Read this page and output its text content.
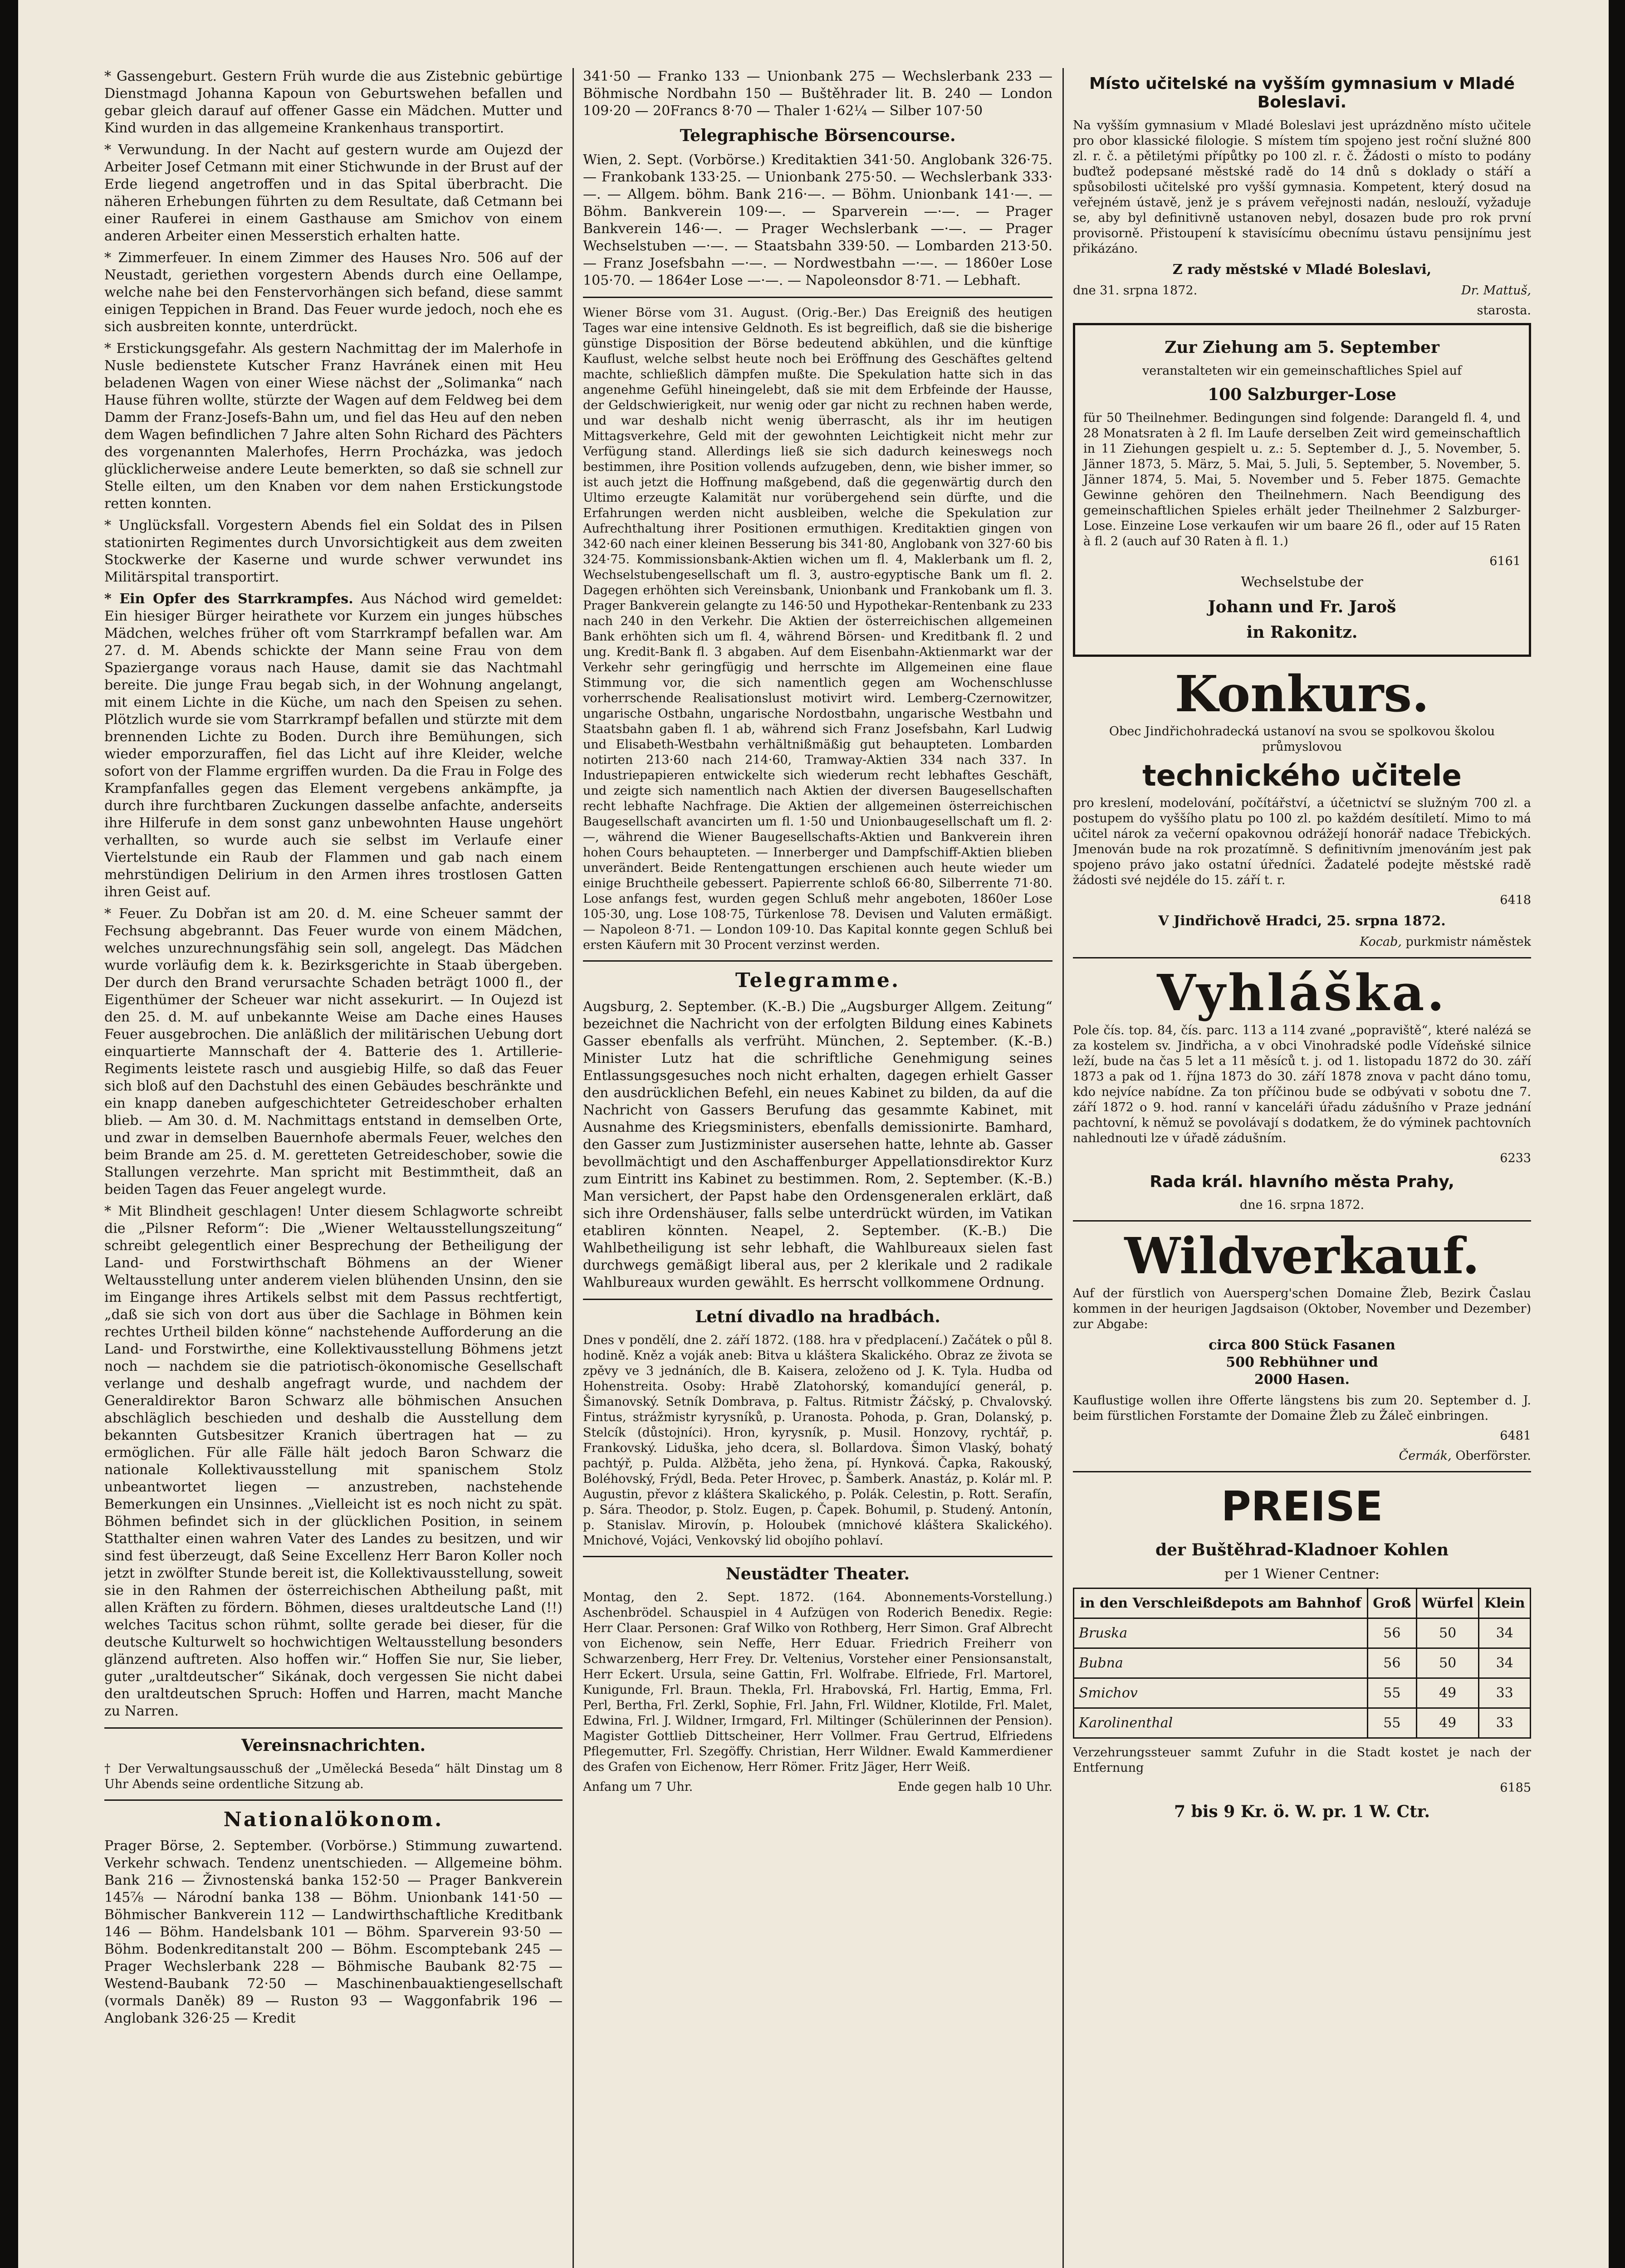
* Gassengeburt. Gestern Früh wurde die aus Zistebnic gebürtige Dienstmagd Johanna Kapoun von Geburtswehen befallen und gebar gleich darauf auf offener Gasse ein Mädchen. Mutter und Kind wurden in das allgemeine Krankenhaus transportirt.

* Verwundung. In der Nacht auf gestern wurde am Oujezd der Arbeiter Josef Cetmann mit einer Stichwunde in der Brust auf der Erde liegend angetroffen und in das Spital überbracht. Die näheren Erhebungen führten zu dem Resultate, daß Cetmann bei einer Rauferei in einem Gasthause am Smichov von einem anderen Arbeiter einen Messerstich erhalten hatte.

* Zimmerfeuer. In einem Zimmer des Hauses Nro. 506 auf der Neustadt, geriethen vorgestern Abends durch eine Oellampe, welche nahe bei den Fenstervorhängen sich befand, diese sammt einigen Teppichen in Brand. Das Feuer wurde jedoch, noch ehe es sich ausbreiten konnte, unterdrückt.

* Erstickungsgefahr. Als gestern Nachmittag der im Malerhofe in Nusle bedienstete Kutscher Franz Havránek einen mit Heu beladenen Wagen von einer Wiese nächst der „Solimanka“ nach Hause führen wollte, stürzte der Wagen auf dem Feldweg bei dem Damm der Franz-Josefs-Bahn um, und fiel das Heu auf den neben dem Wagen befindlichen 7 Jahre alten Sohn Richard des Pächters des vorgenannten Malerhofes, Herrn Procházka, was jedoch glücklicherweise andere Leute bemerkten, so daß sie schnell zur Stelle eilten, um den Knaben vor dem nahen Erstickungstode retten konnten.

* Unglücksfall. Vorgestern Abends fiel ein Soldat des in Pilsen stationirten Regimentes durch Unvorsichtigkeit aus dem zweiten Stockwerke der Kaserne und wurde schwer verwundet ins Militärspital transportirt.

* Ein Opfer des Starrkrampfes. Aus Náchod wird gemeldet: Ein hiesiger Bürger heirathete vor Kurzem ein junges hübsches Mädchen, welches früher oft vom Starrkrampf befallen war. Am 27. d. M. Abends schickte der Mann seine Frau von dem Spaziergange voraus nach Hause, damit sie das Nachtmahl bereite. Die junge Frau begab sich, in der Wohnung angelangt, mit einem Lichte in die Küche, um nach den Speisen zu sehen. Plötzlich wurde sie vom Starrkrampf befallen und stürzte mit dem brennenden Lichte zu Boden. Durch ihre Bemühungen, sich wieder emporzuraffen, fiel das Licht auf ihre Kleider, welche sofort von der Flamme ergriffen wurden. Da die Frau in Folge des Krampfanfalles gegen das Element vergebens ankämpfte, ja durch ihre furchtbaren Zuckungen dasselbe anfachte, anderseits ihre Hilferufe in dem sonst ganz unbewohnten Hause ungehört verhallten, so wurde auch sie selbst im Verlaufe einer Viertelstunde ein Raub der Flammen und gab nach einem mehrstündigen Delirium in den Armen ihres trostlosen Gatten ihren Geist auf.

* Feuer. Zu Dobřan ist am 20. d. M. eine Scheuer sammt der Fechsung abgebrannt. Das Feuer wurde von einem Mädchen, welches unzurechnungsfähig sein soll, angelegt. Das Mädchen wurde vorläufig dem k. k. Bezirksgerichte in Staab übergeben. Der durch den Brand verursachte Schaden beträgt 1000 fl., der Eigenthümer der Scheuer war nicht assekurirt. — In Oujezd ist den 25. d. M. auf unbekannte Weise am Dache eines Hauses Feuer ausgebrochen. Die anläßlich der militärischen Uebung dort einquartierte Mannschaft der 4. Batterie des 1. Artillerie-Regiments leistete rasch und ausgiebig Hilfe, so daß das Feuer sich bloß auf den Dachstuhl des einen Gebäudes beschränkte und ein knapp daneben aufgeschichteter Getreideschober erhalten blieb. — Am 30. d. M. Nachmittags entstand in demselben Orte, und zwar in demselben Bauernhofe abermals Feuer, welches den beim Brande am 25. d. M. geretteten Getreideschober, sowie die Stallungen verzehrte. Man spricht mit Bestimmtheit, daß an beiden Tagen das Feuer angelegt wurde.

* Mit Blindheit geschlagen! Unter diesem Schlagworte schreibt die „Pilsner Reform“: Die „Wiener Weltausstellungszeitung“ schreibt gelegentlich einer Besprechung der Betheiligung der Land- und Forstwirthschaft Böhmens an der Wiener Weltausstellung unter anderem vielen blühenden Unsinn, den sie im Eingange ihres Artikels selbst mit dem Passus rechtfertigt, „daß sie sich von dort aus über die Sachlage in Böhmen kein rechtes Urtheil bilden könne“ nachstehende Aufforderung an die Land- und Forstwirthe, eine Kollektivausstellung Böhmens jetzt noch — nachdem sie die patriotisch-ökonomische Gesellschaft verlange und deshalb angefragt wurde, und nachdem der Generaldirektor Baron Schwarz alle böhmischen Ansuchen abschläglich beschieden und deshalb die Ausstellung dem bekannten Gutsbesitzer Kranich übertragen hat — zu ermöglichen. Für alle Fälle hält jedoch Baron Schwarz die nationale Kollektivausstellung mit spanischem Stolz unbeantwortet liegen — anzustreben, nachstehende Bemerkungen ein Unsinnes. „Vielleicht ist es noch nicht zu spät. Böhmen befindet sich in der glücklichen Position, in seinem Statthalter einen wahren Vater des Landes zu besitzen, und wir sind fest überzeugt, daß Seine Excellenz Herr Baron Koller noch jetzt in zwölfter Stunde bereit ist, die Kollektivausstellung, soweit sie in den Rahmen der österreichischen Abtheilung paßt, mit allen Kräften zu fördern. Böhmen, dieses uraltdeutsche Land (!!) welches Tacitus schon rühmt, sollte gerade bei dieser, für die deutsche Kulturwelt so hochwichtigen Weltausstellung besonders glänzend auftreten. Also hoffen wir.“ Hoffen Sie nur, Sie lieber, guter „uraltdeutscher“ Sikának, doch vergessen Sie nicht dabei den uraltdeutschen Spruch: Hoffen und Harren, macht Manche zu Narren.

Vereinsnachrichten.

† Der Verwaltungsausschuß der „Umělecká Beseda“ hält Dinstag um 8 Uhr Abends seine ordentliche Sitzung ab.

Nationalökonom.

Prager Börse, 2. September. (Vorbörse.) Stimmung zuwartend. Verkehr schwach. Tendenz unentschieden. — Allgemeine böhm. Bank 216 — Živnostenská banka 152·50 — Prager Bankverein 145⅞ — Národní banka 138 — Böhm. Unionbank 141·50 — Böhmischer Bankverein 112 — Landwirthschaftliche Kreditbank 146 — Böhm. Handelsbank 101 — Böhm. Sparverein 93·50 — Böhm. Bodenkreditanstalt 200 — Böhm. Escomptebank 245 — Prager Wechslerbank 228 — Böhmische Baubank 82·75 — Westend-Baubank 72·50 — Maschinenbauaktiengesellschaft (vormals Daněk) 89 — Ruston 93 — Waggonfabrik 196 — Anglobank 326·25 — Kredit

341·50 — Franko 133 — Unionbank 275 — Wechslerbank 233 — Böhmische Nordbahn 150 — Buštěhrader lit. B. 240 — London 109·20 — 20Francs 8·70 — Thaler 1·62¼ — Silber 107·50

Telegraphische Börsencourse.

Wien, 2. Sept. (Vorbörse.) Kreditaktien 341·50. Anglobank 326·75. — Frankobank 133·25. — Unionbank 275·50. — Wechslerbank 333·—. — Allgem. böhm. Bank 216·—. — Böhm. Unionbank 141·—. — Böhm. Bankverein 109·—. — Sparverein —·—. — Prager Bankverein 146·—. — Prager Wechslerbank —·—. — Prager Wechselstuben —·—. — Staatsbahn 339·50. — Lombarden 213·50. — Franz Josefsbahn —·—. — Nordwestbahn —·—. — 1860er Lose 105·70. — 1864er Lose —·—. — Napoleonsdor 8·71. — Lebhaft.

Wiener Börse vom 31. August. (Orig.-Ber.) Das Ereigniß des heutigen Tages war eine intensive Geldnoth. Es ist begreiflich, daß sie die bisherige günstige Disposition der Börse bedeutend abkühlen, und die künftige Kauflust, welche selbst heute noch bei Eröffnung des Geschäftes geltend machte, schließlich dämpfen mußte. Die Spekulation hatte sich in das angenehme Gefühl hineingelebt, daß sie mit dem Erbfeinde der Hausse, der Geldschwierigkeit, nur wenig oder gar nicht zu rechnen haben werde, und war deshalb nicht wenig überrascht, als ihr im heutigen Mittagsverkehre, Geld mit der gewohnten Leichtigkeit nicht mehr zur Verfügung stand. Allerdings ließ sie sich dadurch keineswegs noch bestimmen, ihre Position vollends aufzugeben, denn, wie bisher immer, so ist auch jetzt die Hoffnung maßgebend, daß die gegenwärtig durch den Ultimo erzeugte Kalamität nur vorübergehend sein dürfte, und die Erfahrungen werden nicht ausbleiben, welche die Spekulation zur Aufrechthaltung ihrer Positionen ermuthigen. Kreditaktien gingen von 342·60 nach einer kleinen Besserung bis 341·80, Anglobank von 327·60 bis 324·75. Kommissionsbank-Aktien wichen um fl. 4, Maklerbank um fl. 2, Wechselstubengesellschaft um fl. 3, austro-egyptische Bank um fl. 2. Dagegen erhöhten sich Vereinsbank, Unionbank und Frankobank um fl. 3. Prager Bankverein gelangte zu 146·50 und Hypothekar-Rentenbank zu 233 nach 240 in den Verkehr. Die Aktien der österreichischen allgemeinen Bank erhöhten sich um fl. 4, während Börsen- und Kreditbank fl. 2 und ung. Kredit-Bank fl. 3 abgaben. Auf dem Eisenbahn-Aktienmarkt war der Verkehr sehr geringfügig und herrschte im Allgemeinen eine flaue Stimmung vor, die sich namentlich gegen am Wochenschlusse vorherrschende Realisationslust motivirt wird. Lemberg-Czernowitzer, ungarische Ostbahn, ungarische Nordostbahn, ungarische Westbahn und Staatsbahn gaben fl. 1 ab, während sich Franz Josefsbahn, Karl Ludwig und Elisabeth-Westbahn verhältnißmäßig gut behaupteten. Lombarden notirten 213·60 nach 214·60, Tramway-Aktien 334 nach 337. In Industriepapieren entwickelte sich wiederum recht lebhaftes Geschäft, und zeigte sich namentlich nach Aktien der diversen Baugesellschaften recht lebhafte Nachfrage. Die Aktien der allgemeinen österreichischen Baugesellschaft avancirten um fl. 1·50 und Unionbaugesellschaft um fl. 2·—, während die Wiener Baugesellschafts-Aktien und Bankverein ihren hohen Cours behaupteten. — Innerberger und Dampfschiff-Aktien blieben unverändert. Beide Rentengattungen erschienen auch heute wieder um einige Bruchtheile gebessert. Papierrente schloß 66·80, Silberrente 71·80. Lose anfangs fest, wurden gegen Schluß mehr angeboten, 1860er Lose 105·30, ung. Lose 108·75, Türkenlose 78. Devisen und Valuten ermäßigt. — Napoleon 8·71. — London 109·10. Das Kapital konnte gegen Schluß bei ersten Käufern mit 30 Procent verzinst werden.

Telegramme.

Augsburg, 2. September. (K.-B.) Die „Augsburger Allgem. Zeitung“ bezeichnet die Nachricht von der erfolgten Bildung eines Kabinets Gasser ebenfalls als verfrüht. München, 2. September. (K.-B.) Minister Lutz hat die schriftliche Genehmigung seines Entlassungsgesuches noch nicht erhalten, dagegen erhielt Gasser den ausdrücklichen Befehl, ein neues Kabinet zu bilden, da auf die Nachricht von Gassers Berufung das gesammte Kabinet, mit Ausnahme des Kriegsministers, ebenfalls demissionirte. Bamhard, den Gasser zum Justizminister ausersehen hatte, lehnte ab. Gasser bevollmächtigt und den Aschaffenburger Appellationsdirektor Kurz zum Eintritt ins Kabinet zu bestimmen. Rom, 2. September. (K.-B.) Man versichert, der Papst habe den Ordensgeneralen erklärt, daß sich ihre Ordenshäuser, falls selbe unterdrückt würden, im Vatikan etabliren könnten. Neapel, 2. September. (K.-B.) Die Wahlbetheiligung ist sehr lebhaft, die Wahlbureaux sielen fast durchwegs gemäßigt liberal aus, per 2 klerikale und 2 radikale Wahlbureaux wurden gewählt. Es herrscht vollkommene Ordnung.

Letní divadlo na hradbách.

Dnes v pondělí, dne 2. září 1872. (188. hra v předplacení.) Začátek o půl 8. hodině. Kněz a voják aneb: Bitva u kláštera Skalického. Obraz ze života se zpěvy ve 3 jednáních, dle B. Kaisera, zeloženo od J. K. Tyla. Hudba od Hohenstreita. Osoby: Hrabě Zlatohorský, komandující generál, p. Šimanovský. Setník Dombrava, p. Faltus. Ritmistr Žáčský, p. Chvalovský. Fintus, strážmistr kyrysníků, p. Uranosta. Pohoda, p. Gran, Dolanský, p. Stelcík (důstojníci). Hron, kyrysník, p. Musil. Honzovy, rychtář, p. Frankovský. Liduška, jeho dcera, sl. Bollardova. Šimon Vlaský, bohatý pachtýř, p. Pulda. Alžběta, jeho žena, pí. Hynková. Čapka, Rakouský, Boléhovský, Frýdl, Beda. Peter Hrovec, p. Šamberk. Anastáz, p. Kolár ml. P. Augustin, převor z kláštera Skalického, p. Polák. Celestin, p. Rott. Serafín, p. Sára. Theodor, p. Stolz. Eugen, p. Čapek. Bohumil, p. Studený. Antonín, p. Stanislav. Mirovín, p. Holoubek (mnichové kláštera Skalického). Mnichové, Vojáci, Venkovský lid obojího pohlaví.

Neustädter Theater.

Montag, den 2. Sept. 1872. (164. Abonnements-Vorstellung.) Aschenbrödel. Schauspiel in 4 Aufzügen von Roderich Benedix. Regie: Herr Claar. Personen: Graf Wilko von Rothberg, Herr Simon. Graf Albrecht von Eichenow, sein Neffe, Herr Eduar. Friedrich Freiherr von Schwarzenberg, Herr Frey. Dr. Veltenius, Vorsteher einer Pensionsanstalt, Herr Eckert. Ursula, seine Gattin, Frl. Wolfrabe. Elfriede, Frl. Martorel, Kunigunde, Frl. Braun. Thekla, Frl. Hrabovská, Frl. Hartig, Emma, Frl. Perl, Bertha, Frl. Zerkl, Sophie, Frl. Jahn, Frl. Wildner, Klotilde, Frl. Malet, Edwina, Frl. J. Wildner, Irmgard, Frl. Miltinger (Schülerinnen der Pension). Magister Gottlieb Dittscheiner, Herr Vollmer. Frau Gertrud, Elfriedens Pflegemutter, Frl. Szegöffy. Christian, Herr Wildner. Ewald Kammerdiener des Grafen von Eichenow, Herr Römer. Fritz Jäger, Herr Weiß.

Anfang um 7 Uhr.	Ende gegen halb 10 Uhr.

Místo učitelské na vyšším gymnasium v Mladé Boleslavi.

Na vyšším gymnasium v Mladé Boleslavi jest uprázdněno místo učitele pro obor klassické filologie. S místem tím spojeno jest roční služné 800 zl. r. č. a pětiletými přípůtky po 100 zl. r. č. Žádosti o místo to podány buďtež podepsané městské radě do 14 dnů s doklady o stáří a spůsobilosti učitelské pro vyšší gymnasia. Kompetent, který dosud na veřejném ústavě, jenž je s právem veřejnosti nadán, neslouží, vyžaduje se, aby byl definitivně ustanoven nebyl, dosazen bude pro rok první provisorně. Přistoupení k stavisícímu obecnímu ústavu pensijnímu jest přikázáno.

Z rady městské v Mladé Boleslavi,

dne 31. srpna 1872.	Dr. Mattuš,

starosta.

Zur Ziehung am 5. September

veranstalteten wir ein gemeinschaftliches Spiel auf

100 Salzburger-Lose

für 50 Theilnehmer. Bedingungen sind folgende: Darangeld fl. 4, und 28 Monatsraten à 2 fl. Im Laufe derselben Zeit wird gemeinschaftlich in 11 Ziehungen gespielt u. z.: 5. September d. J., 5. November, 5. Jänner 1873, 5. März, 5. Mai, 5. Juli, 5. September, 5. November, 5. Jänner 1874, 5. Mai, 5. November und 5. Feber 1875. Gemachte Gewinne gehören den Theilnehmern. Nach Beendigung des gemeinschaftlichen Spieles erhält jeder Theilnehmer 2 Salzburger-Lose. Einzeine Lose verkaufen wir um baare 26 fl., oder auf 15 Raten à fl. 2 (auch auf 30 Raten à fl. 1.)

6161

Wechselstube der

Johann und Fr. Jaroš
in Rakonitz.
Konkurs.

Obec Jindřichohradecká ustanoví na svou se spolkovou školou průmyslovou

technického učitele

pro kreslení, modelování, počítářství, a účetnictví se služným 700 zl. a postupem do vyššího platu po 100 zl. po každém desítiletí. Mimo to má učitel nárok za večerní opakovnou odrážejí honorář nadace Třebických. Jmenován bude na rok prozatímně. S definitivním jmenováním jest pak spojeno právo jako ostatní úředníci. Žadatelé podejte městské radě žádosti své nejdéle do 15. září t. r.

6418

V Jindřichově Hradci, 25. srpna 1872.

Kocab, purkmistr náměstek

Vyhláška.

Pole čís. top. 84, čís. parc. 113 a 114 zvané „popraviště“, které nalézá se za kostelem sv. Jindřicha, a v obci Vinohradské podle Vídeňské silnice leží, bude na čas 5 let a 11 měsíců t. j. od 1. listopadu 1872 do 30. září 1873 a pak od 1. října 1873 do 30. září 1878 znova v pacht dáno tomu, kdo nejvíce nabídne. Za ton příčinou bude se odbývati v sobotu dne 7. září 1872 o 9. hod. ranní v kanceláři úřadu zádušního v Praze jednání pachtovní, k němuž se povolávají s dodatkem, že do výminek pachtovních nahlednouti lze v úřadě zádušním.

6233

Rada král. hlavního města Prahy,

dne 16. srpna 1872.

Wildverkauf.

Auf der fürstlich von Auersperg'schen Domaine Žleb, Bezirk Časlau kommen in der heurigen Jagdsaison (Oktober, November und Dezember) zur Abgabe:

circa 800 Stück Fasanen
500 Rebhühner und
2000 Hasen.

Kauflustige wollen ihre Offerte längstens bis zum 20. September d. J. beim fürstlichen Forstamte der Domaine Žleb zu Žáleč einbringen.

6481

Čermák, Oberförster.

PREISE
der Buštěhrad-Kladnoer Kohlen

per 1 Wiener Centner:

in den Verschleißdepots am Bahnhof	Groß	Würfel	Klein
Bruska	56	50	34
Bubna	56	50	34
Smichov	55	49	33
Karolinenthal	55	49	33

Verzehrungssteuer sammt Zufuhr in die Stadt kostet je nach der Entfernung

6185

7 bis 9 Kr. ö. W. pr. 1 W. Ctr.
